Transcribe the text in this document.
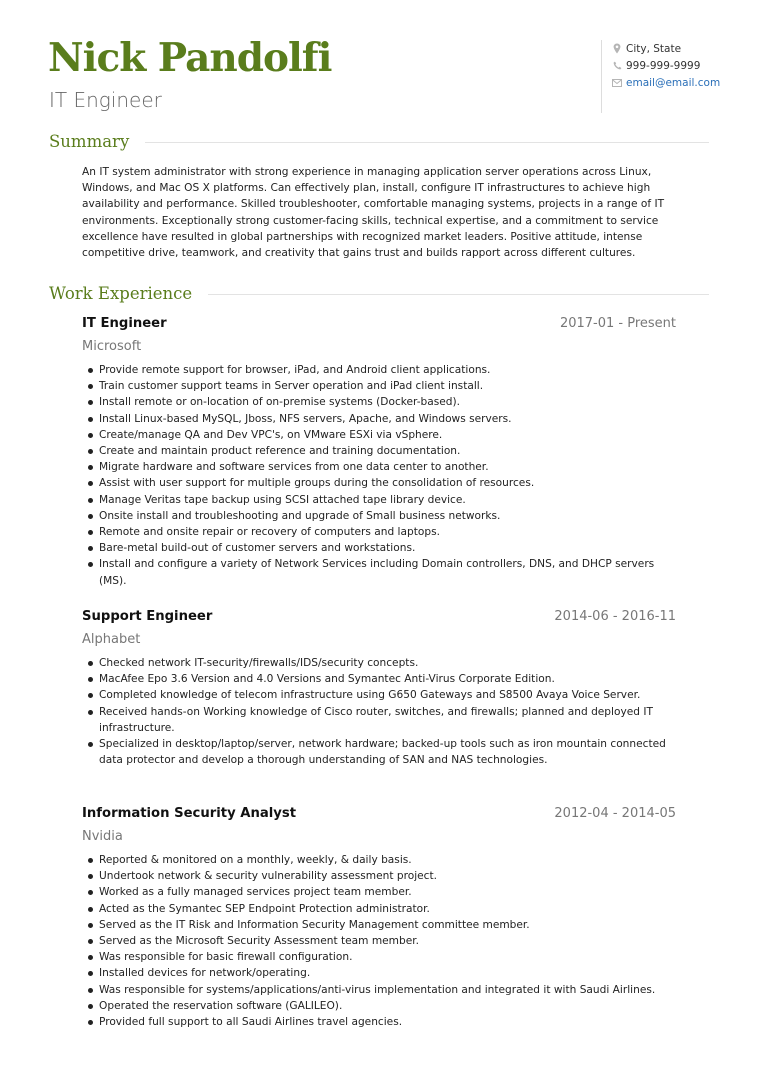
Nick Pandolfi
IT Engineer
City, State
999-999-9999
email@email.com
Summary

An IT system administrator with strong experience in managing application server operations across Linux, Windows, and Mac OS X platforms. Can effectively plan, install, configure IT infrastructures to achieve high availability and performance. Skilled troubleshooter, comfortable managing systems, projects in a range of IT environments. Exceptionally strong customer-facing skills, technical expertise, and a commitment to service excellence have resulted in global partnerships with recognized market leaders. Positive attitude, intense competitive drive, teamwork, and creativity that gains trust and builds rapport across different cultures.

Work Experience
IT Engineer	2017-01 - Present
Microsoft
Provide remote support for browser, iPad, and Android client applications.
Train customer support teams in Server operation and iPad client install.
Install remote or on-location of on-premise systems (Docker-based).
Install Linux-based MySQL, Jboss, NFS servers, Apache, and Windows servers.
Create/manage QA and Dev VPC's, on VMware ESXi via vSphere.
Create and maintain product reference and training documentation.
Migrate hardware and software services from one data center to another.
Assist with user support for multiple groups during the consolidation of resources.
Manage Veritas tape backup using SCSI attached tape library device.
Onsite install and troubleshooting and upgrade of Small business networks.
Remote and onsite repair or recovery of computers and laptops.
Bare-metal build-out of customer servers and workstations.
Install and configure a variety of Network Services including Domain controllers, DNS, and DHCP servers (MS).
Support Engineer	2014-06 - 2016-11
Alphabet
Checked network IT-security/firewalls/IDS/security concepts.
MacAfee Epo 3.6 Version and 4.0 Versions and Symantec Anti-Virus Corporate Edition.
Completed knowledge of telecom infrastructure using G650 Gateways and S8500 Avaya Voice Server.
Received hands-on Working knowledge of Cisco router, switches, and firewalls; planned and deployed IT infrastructure.
Specialized in desktop/laptop/server, network hardware; backed-up tools such as iron mountain connected data protector and develop a thorough understanding of SAN and NAS technologies.
Information Security Analyst	2012-04 - 2014-05
Nvidia
Reported & monitored on a monthly, weekly, & daily basis.
Undertook network & security vulnerability assessment project.
Worked as a fully managed services project team member.
Acted as the Symantec SEP Endpoint Protection administrator.
Served as the IT Risk and Information Security Management committee member.
Served as the Microsoft Security Assessment team member.
Was responsible for basic firewall configuration.
Installed devices for network/operating.
Was responsible for systems/applications/anti-virus implementation and integrated it with Saudi Airlines.
Operated the reservation software (GALILEO).
Provided full support to all Saudi Airlines travel agencies.
